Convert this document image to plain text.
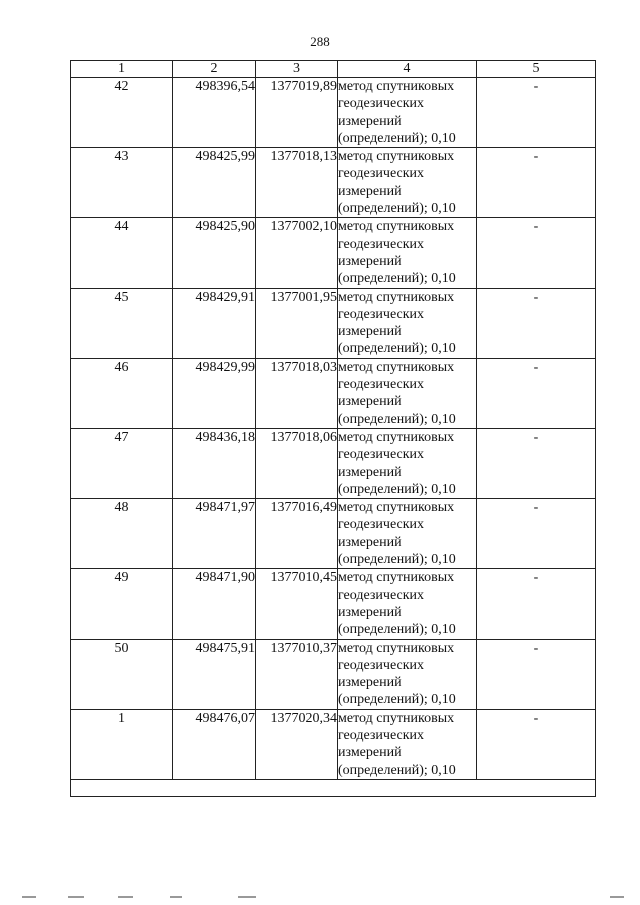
288
1	2	3	4	5
42	498396,54	1377019,89	метод спутниковых
геодезических
измерений
(определений); 0,10	-
43	498425,99	1377018,13	метод спутниковых
геодезических
измерений
(определений); 0,10	-
44	498425,90	1377002,10	метод спутниковых
геодезических
измерений
(определений); 0,10	-
45	498429,91	1377001,95	метод спутниковых
геодезических
измерений
(определений); 0,10	-
46	498429,99	1377018,03	метод спутниковых
геодезических
измерений
(определений); 0,10	-
47	498436,18	1377018,06	метод спутниковых
геодезических
измерений
(определений); 0,10	-
48	498471,97	1377016,49	метод спутниковых
геодезических
измерений
(определений); 0,10	-
49	498471,90	1377010,45	метод спутниковых
геодезических
измерений
(определений); 0,10	-
50	498475,91	1377010,37	метод спутниковых
геодезических
измерений
(определений); 0,10	-
1	498476,07	1377020,34	метод спутниковых
геодезических
измерений
(определений); 0,10	-
